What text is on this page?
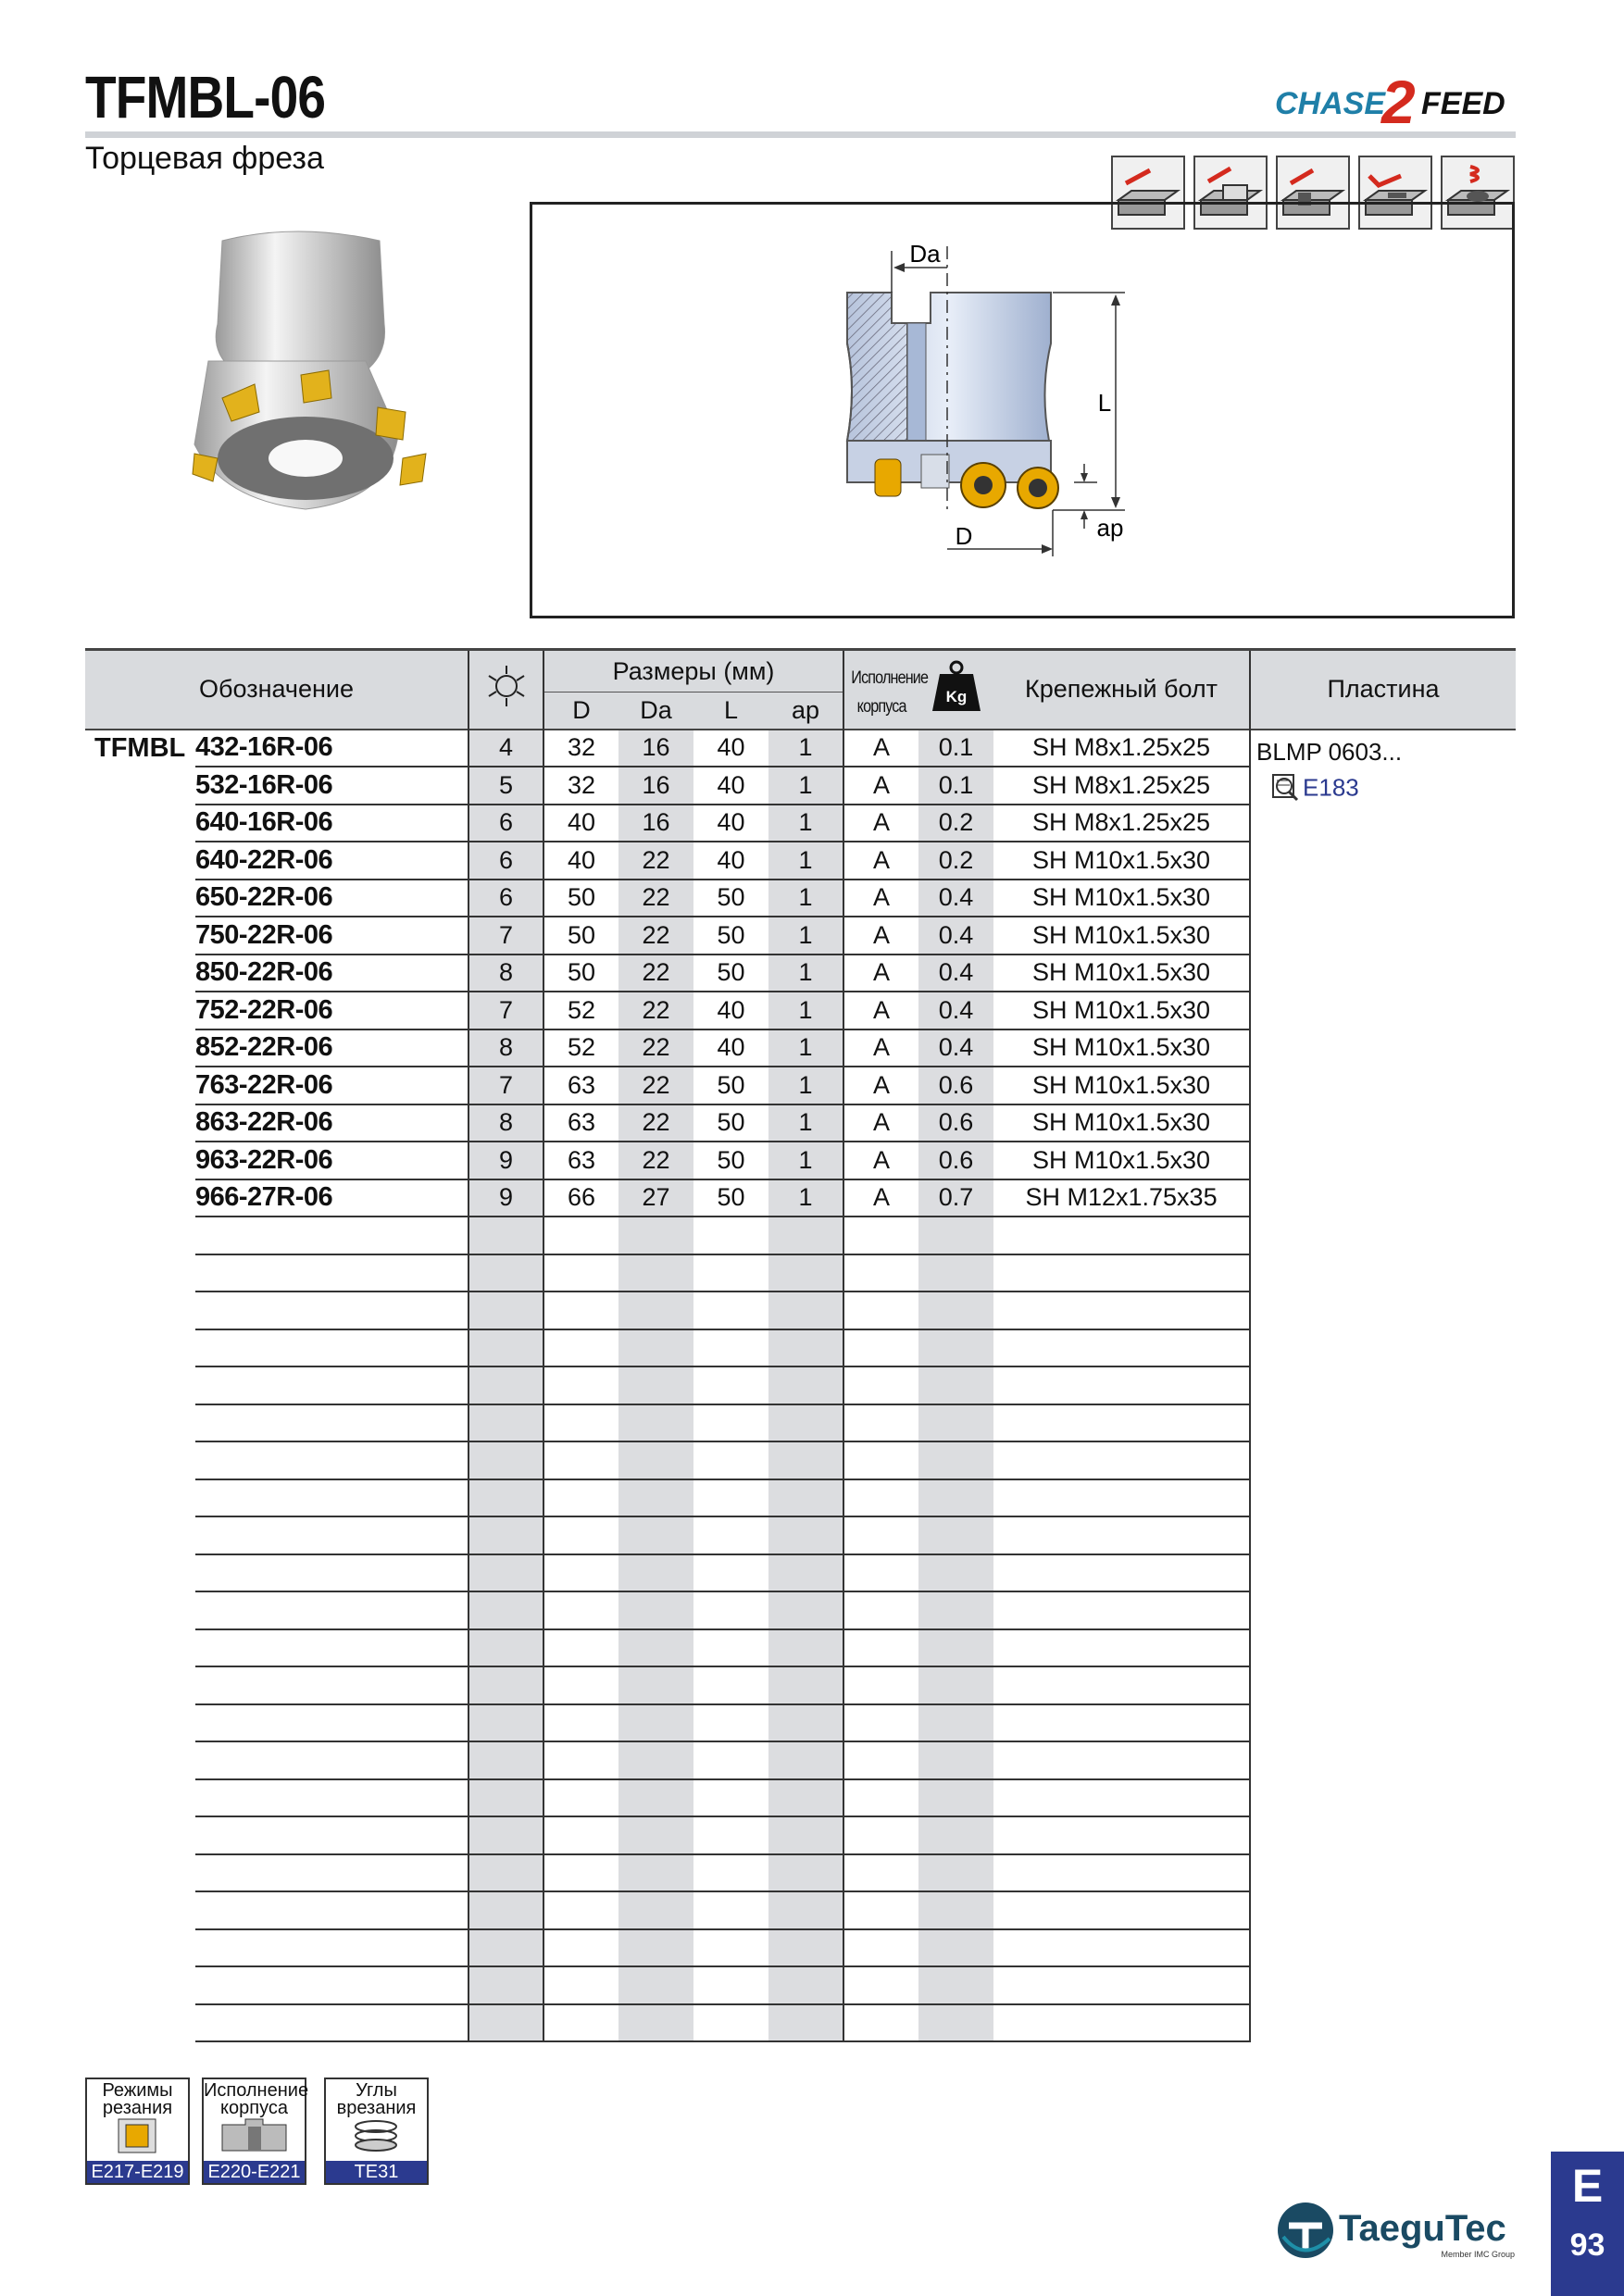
TFMBL-06
Торцевая фреза
CHASE
2 FEED
Da
L
ap
D
Обозначение			Размеры (мм)				Исполнение
корпуса	Kg	Крепежный болт	Пластина
			D	Da	L	ap				
TFMBL	432-16R-06	4	32	16	40	1	A	0.1	SH M8x1.25x25	BLMP 0603...
E183

	532-16R-06	5	32	16	40	1	A	0.1	SH M8x1.25x25	
	640-16R-06	6	40	16	40	1	A	0.2	SH M8x1.25x25	
	640-22R-06	6	40	22	40	1	A	0.2	SH M10x1.5x30	
	650-22R-06	6	50	22	50	1	A	0.4	SH M10x1.5x30	
	750-22R-06	7	50	22	50	1	A	0.4	SH M10x1.5x30	
	850-22R-06	8	50	22	50	1	A	0.4	SH M10x1.5x30	
	752-22R-06	7	52	22	40	1	A	0.4	SH M10x1.5x30	
	852-22R-06	8	52	22	40	1	A	0.4	SH M10x1.5x30	
	763-22R-06	7	63	22	50	1	A	0.6	SH M10x1.5x30	
	863-22R-06	8	63	22	50	1	A	0.6	SH M10x1.5x30	
	963-22R-06	9	63	22	50	1	A	0.6	SH M10x1.5x30	
	966-27R-06	9	66	27	50	1	A	0.7	SH M12x1.75x35	

Режимы
резания
E217-E219
Исполнение
корпуса
E220-E221
Углы
врезания
TE31
TaeguTec
Member IMC Group
E
93
